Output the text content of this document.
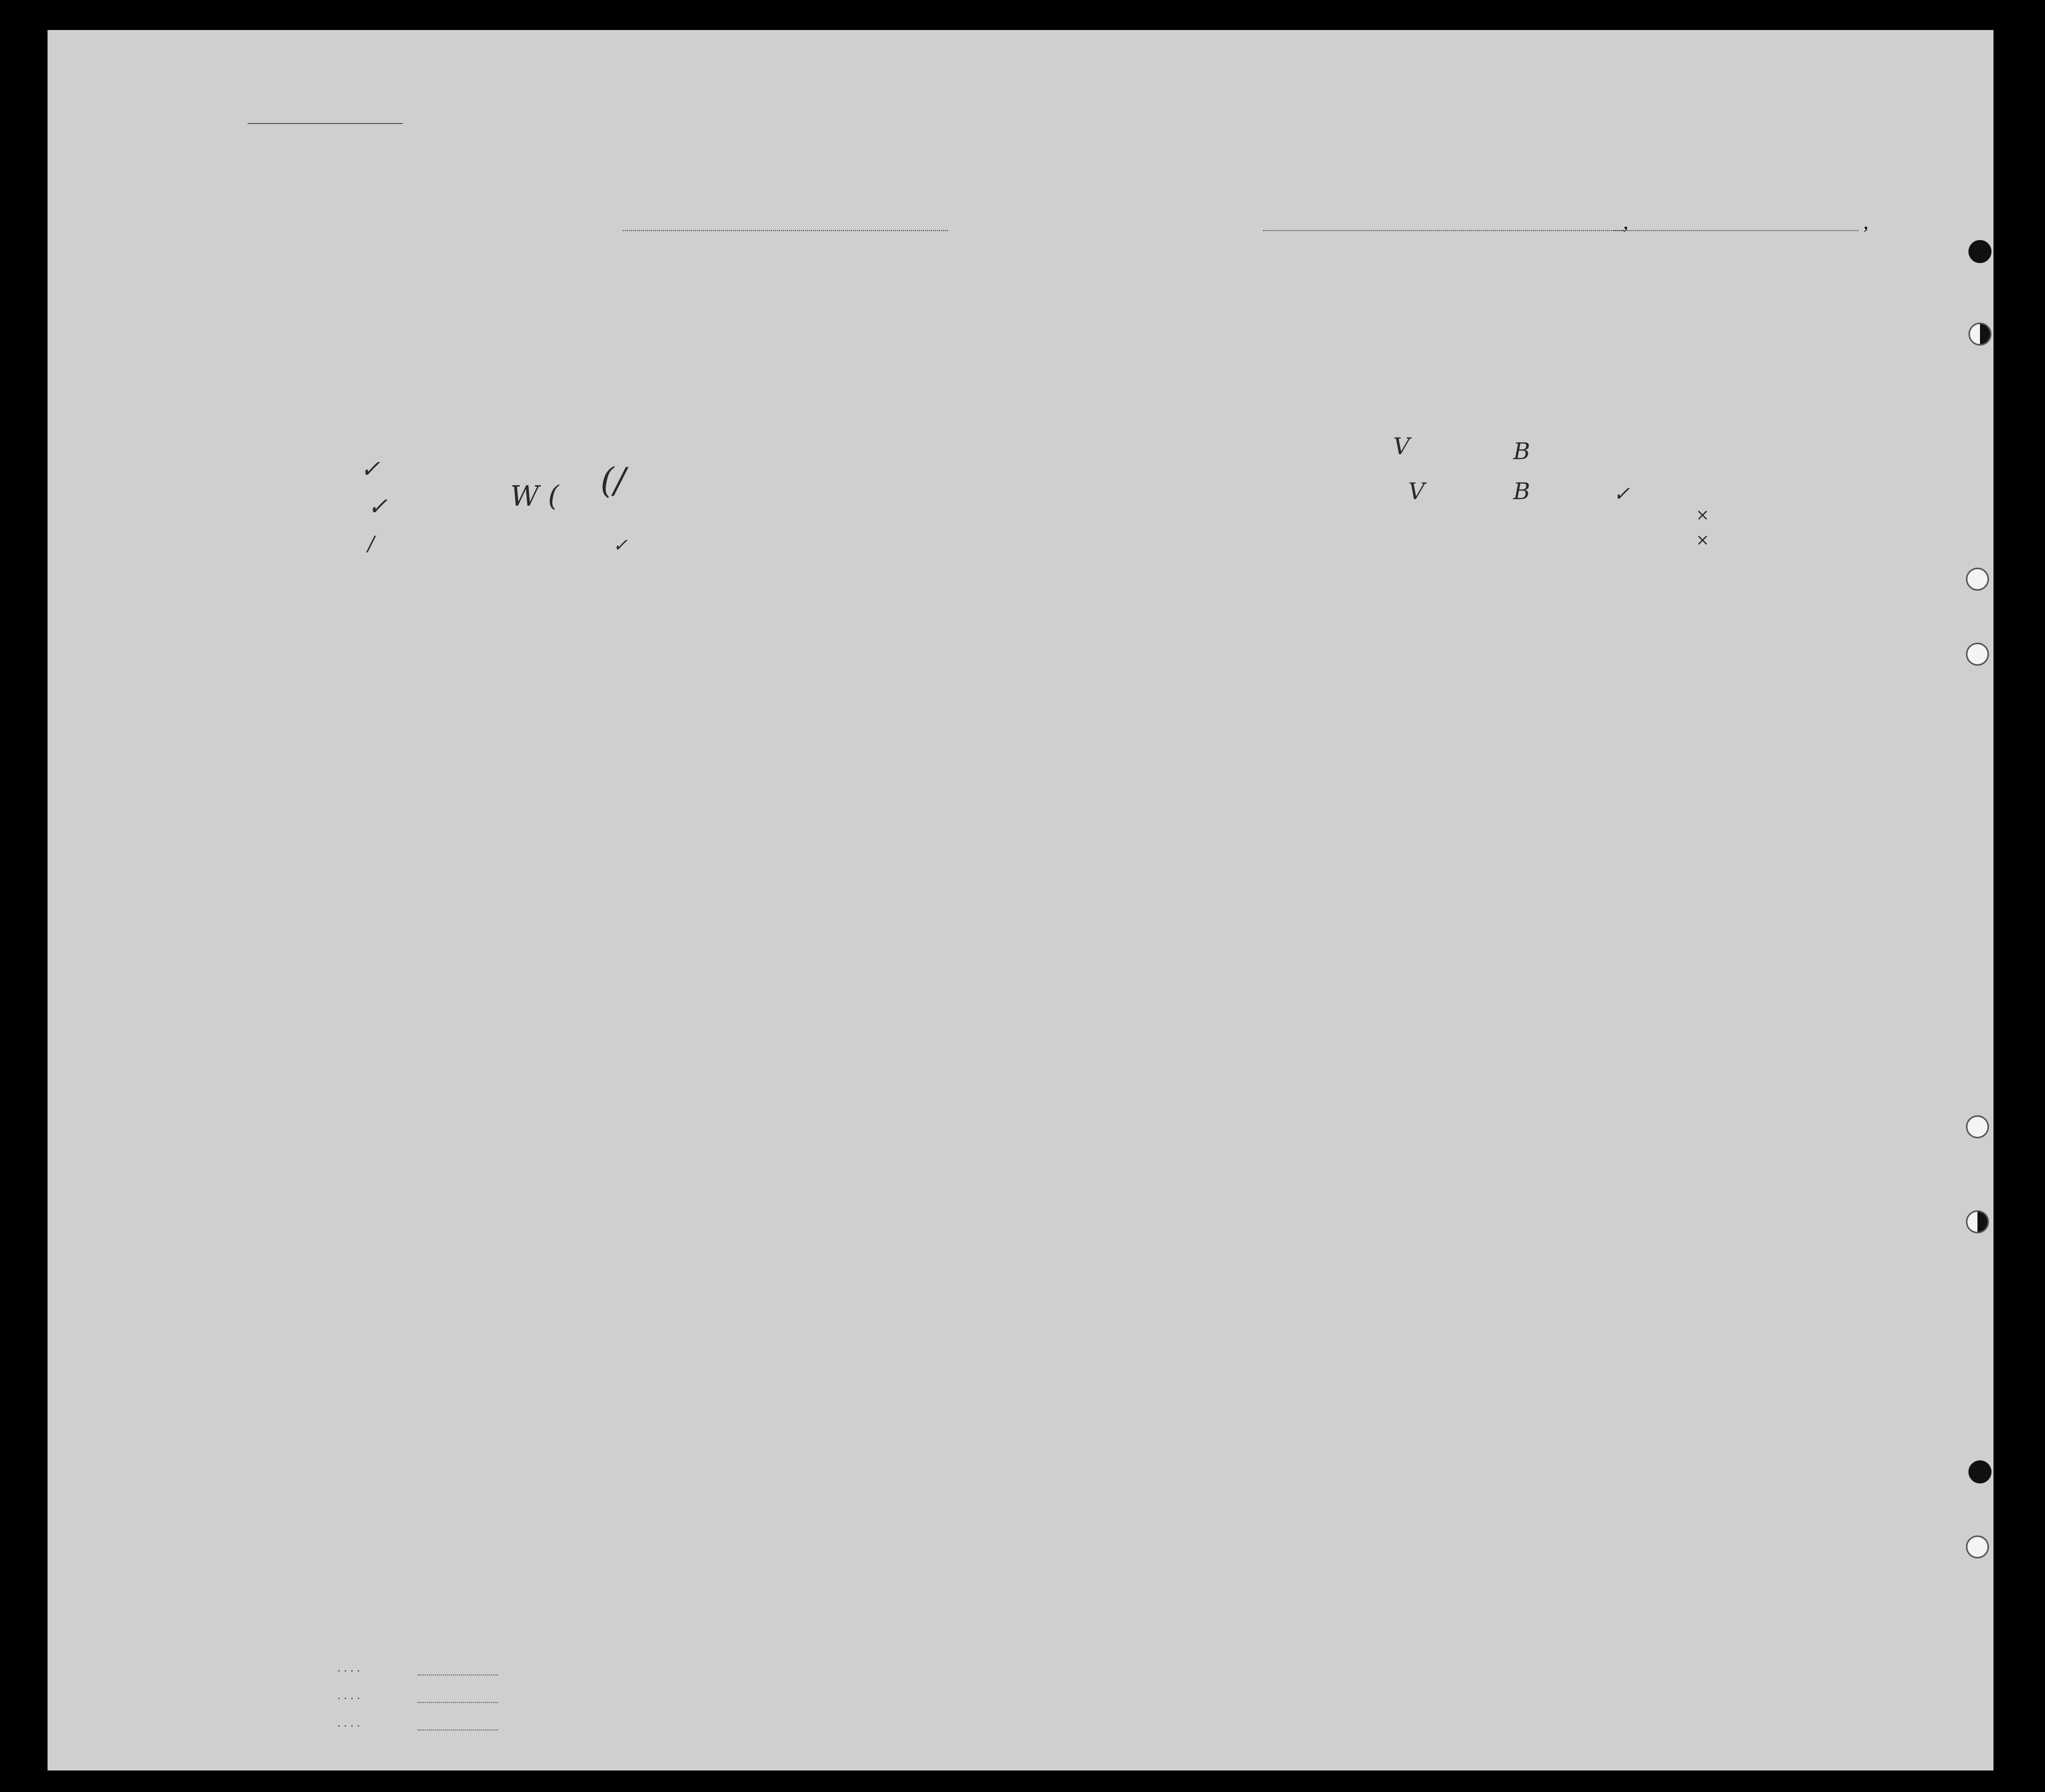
,	,
V	B
V	B
×
×
✓
✓
✓
/	✓
(/
W (
....
....
....
